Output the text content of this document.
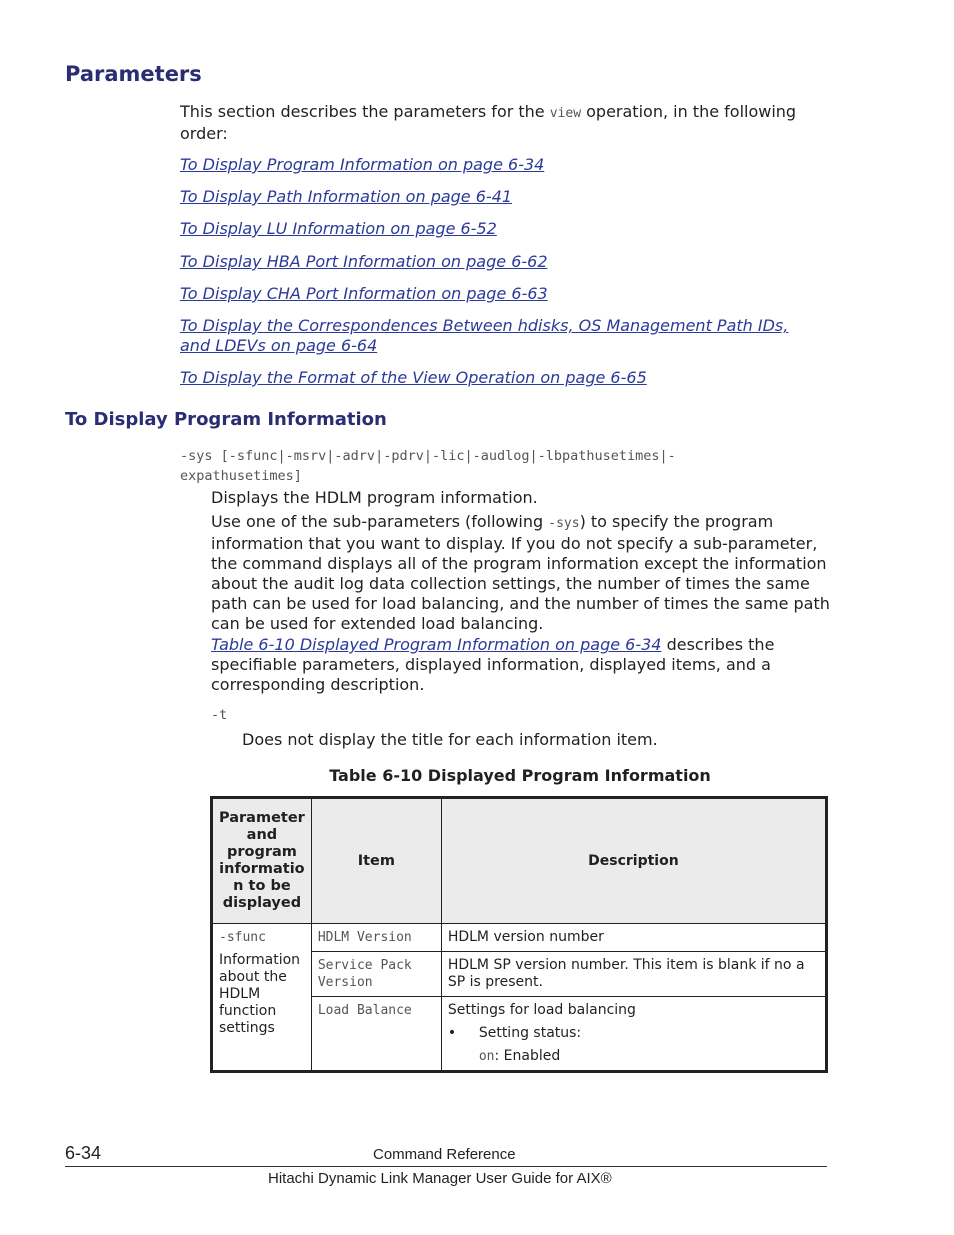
Parameters
This section describes the parameters for the view operation, in the following order:
To Display Program Information on page 6-34
To Display Path Information on page 6-41
To Display LU Information on page 6-52
To Display HBA Port Information on page 6-62
To Display CHA Port Information on page 6-63
To Display the Correspondences Between hdisks, OS Management Path IDs, and LDEVs on page 6-64
To Display the Format of the View Operation on page 6-65
To Display Program Information
-sys [-sfunc|-msrv|-adrv|-pdrv|-lic|-audlog|-lbpathusetimes|-
expathusetimes]
Displays the HDLM program information.
Use one of the sub-parameters (following -sys) to specify the program information that you want to display. If you do not specify a sub-parameter, the command displays all of the program information except the information about the audit log data collection settings, the number of times the same path can be used for load balancing, and the number of times the same path can be used for extended load balancing.
Table 6-10 Displayed Program Information on page 6-34 describes the specifiable parameters, displayed information, displayed items, and a corresponding description.
-t
Does not display the title for each information item.
Table 6-10 Displayed Program Information
Parameter and program informatio n to be displayed	Item	Description

-sfunc
Information about the HDLM function settings	HDLM Version	HDLM version number
	Service Pack Version	HDLM SP version number. This item is blank if no a SP is present.
	Load Balance	Settings for load balancing
• Setting status:
on: Enabled
6-34	Command Reference
Hitachi Dynamic Link Manager User Guide for AIX®
